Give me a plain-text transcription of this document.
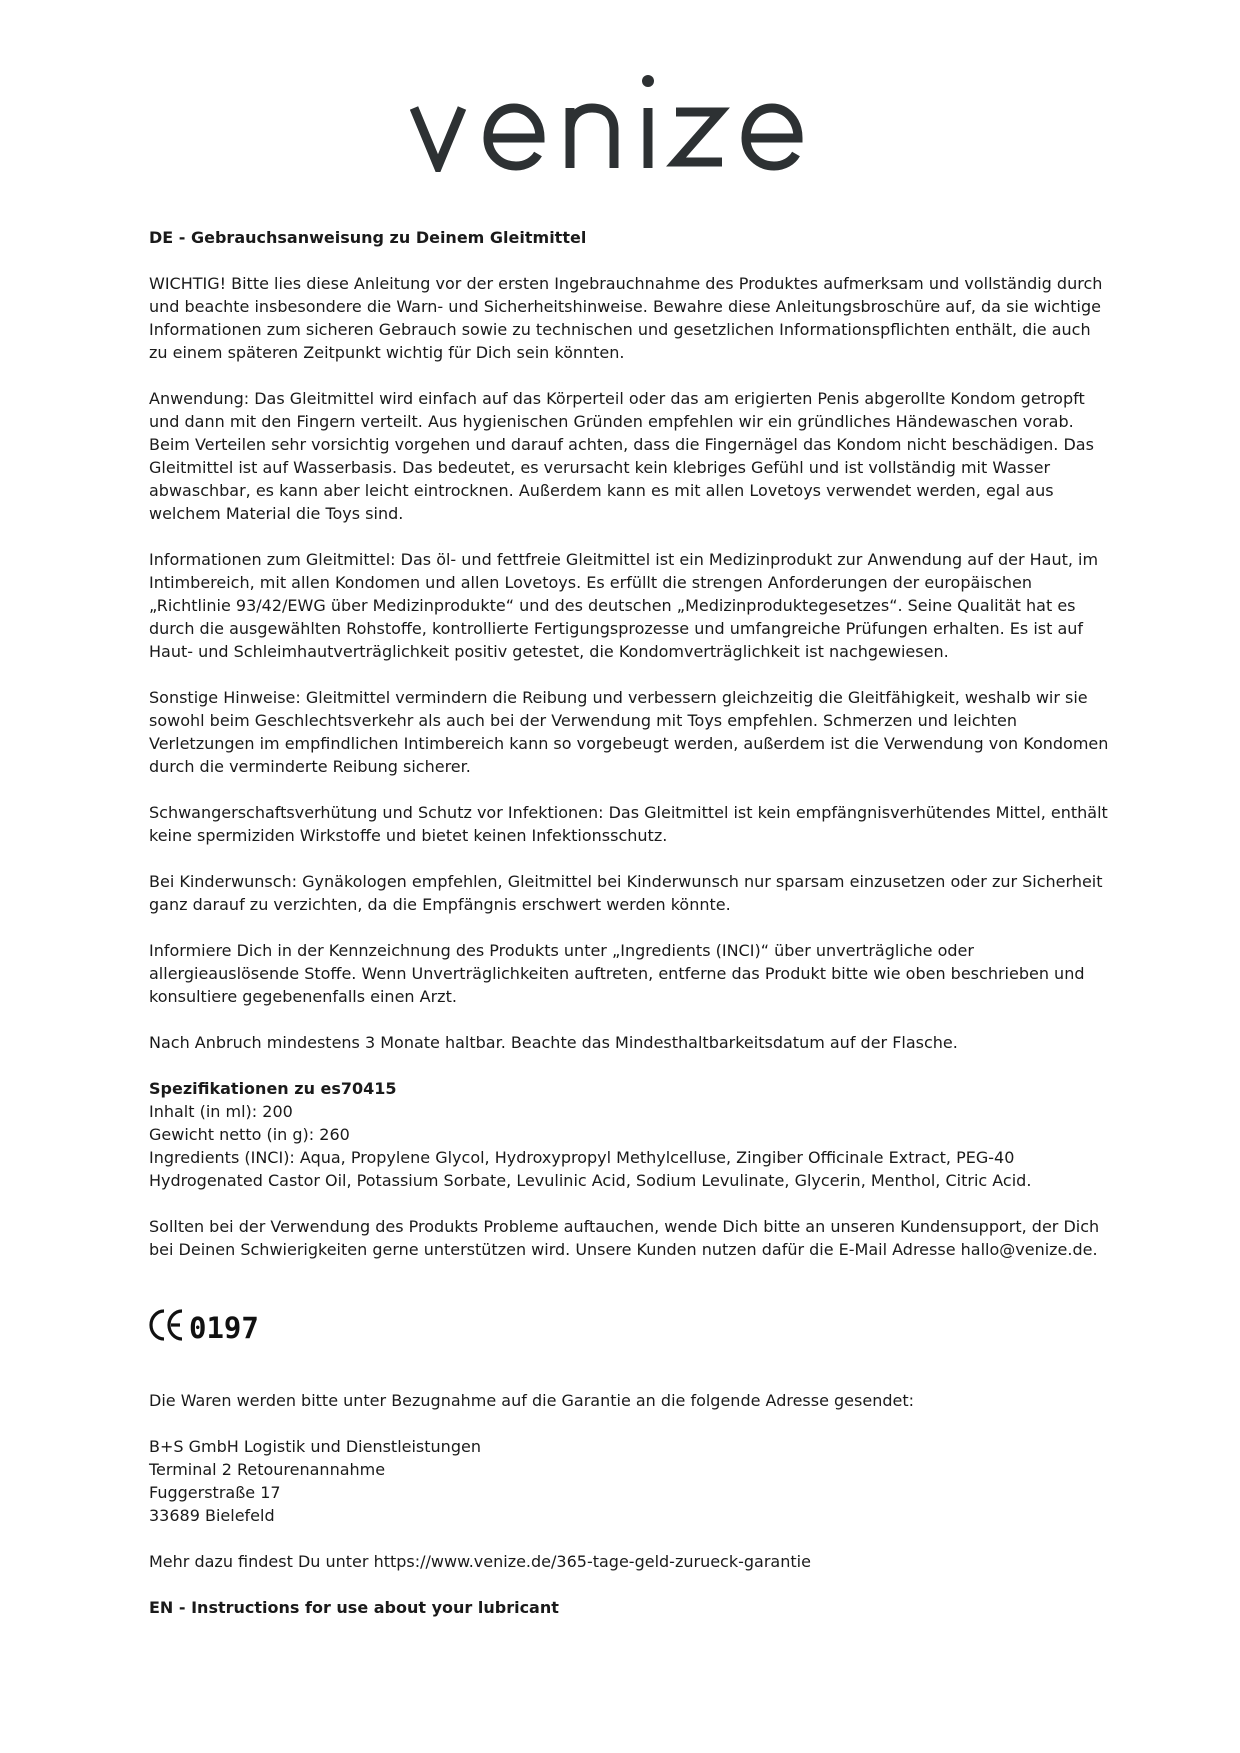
DE - Gebrauchsanweisung zu Deinem Gleitmittel

WICHTIG! Bitte lies diese Anleitung vor der ersten Ingebrauchnahme des Produktes aufmerksam und vollständig durch und beachte insbesondere die Warn- und Sicherheitshinweise. Bewahre diese Anleitungsbroschüre auf, da sie wichtige Informationen zum sicheren Gebrauch sowie zu technischen und gesetzlichen Informationspflichten enthält, die auch zu einem späteren Zeitpunkt wichtig für Dich sein könnten.

Anwendung: Das Gleitmittel wird einfach auf das Körperteil oder das am erigierten Penis abgerollte Kondom getropft und dann mit den Fingern verteilt. Aus hygienischen Gründen empfehlen wir ein gründliches Händewaschen vorab. Beim Verteilen sehr vorsichtig vorgehen und darauf achten, dass die Fingernägel das Kondom nicht beschädigen. Das Gleitmittel ist auf Wasserbasis. Das bedeutet, es verursacht kein klebriges Gefühl und ist vollständig mit Wasser abwaschbar, es kann aber leicht eintrocknen. Außerdem kann es mit allen Lovetoys verwendet werden, egal aus welchem Material die Toys sind.

Informationen zum Gleitmittel: Das öl- und fettfreie Gleitmittel ist ein Medizinprodukt zur Anwendung auf der Haut, im Intimbereich, mit allen Kondomen und allen Lovetoys. Es erfüllt die strengen Anforderungen der europäischen „Richtlinie 93/42/EWG über Medizinprodukte“ und des deutschen „Medizinproduktegesetzes“. Seine Qualität hat es durch die ausgewählten Rohstoffe, kontrollierte Fertigungsprozesse und umfangreiche Prüfungen erhalten. Es ist auf Haut- und Schleimhautverträglichkeit positiv getestet, die Kondomverträglichkeit ist nachgewiesen.

Sonstige Hinweise: Gleitmittel vermindern die Reibung und verbessern gleichzeitig die Gleitfähigkeit, weshalb wir sie sowohl beim Geschlechtsverkehr als auch bei der Verwendung mit Toys empfehlen. Schmerzen und leichten Verletzungen im empfindlichen Intimbereich kann so vorgebeugt werden, außerdem ist die Verwendung von Kondomen durch die verminderte Reibung sicherer.

Schwangerschaftsverhütung und Schutz vor Infektionen: Das Gleitmittel ist kein empfängnisverhütendes Mittel, enthält keine spermiziden Wirkstoffe und bietet keinen Infektionsschutz.

Bei Kinderwunsch: Gynäkologen empfehlen, Gleitmittel bei Kinderwunsch nur sparsam einzusetzen oder zur Sicherheit ganz darauf zu verzichten, da die Empfängnis erschwert werden könnte.

Informiere Dich in der Kennzeichnung des Produkts unter „Ingredients (INCI)“ über unverträgliche oder allergieauslösende Stoffe. Wenn Unverträglichkeiten auftreten, entferne das Produkt bitte wie oben beschrieben und konsultiere gegebenenfalls einen Arzt.

Nach Anbruch mindestens 3 Monate haltbar. Beachte das Mindesthaltbarkeitsdatum auf der Flasche.

Spezifikationen zu es70415
Inhalt (in ml): 200
Gewicht netto (in g): 260
Ingredients (INCI): Aqua, Propylene Glycol, Hydroxypropyl Methylcelluse, Zingiber Officinale Extract, PEG-40 Hydrogenated Castor Oil, Potassium Sorbate, Levulinic Acid, Sodium Levulinate, Glycerin, Menthol, Citric Acid.

Sollten bei der Verwendung des Produkts Probleme auftauchen, wende Dich bitte an unseren Kundensupport, der Dich bei Deinen Schwierigkeiten gerne unterstützen wird. Unsere Kunden nutzen dafür die E-Mail Adresse hallo@venize.de.

0197

Die Waren werden bitte unter Bezugnahme auf die Garantie an die folgende Adresse gesendet:

B+S GmbH Logistik und Dienstleistungen
Terminal 2 Retourenannahme
Fuggerstraße 17
33689 Bielefeld

Mehr dazu findest Du unter https://www.venize.de/365-tage-geld-zurueck-garantie

EN - Instructions for use about your lubricant
